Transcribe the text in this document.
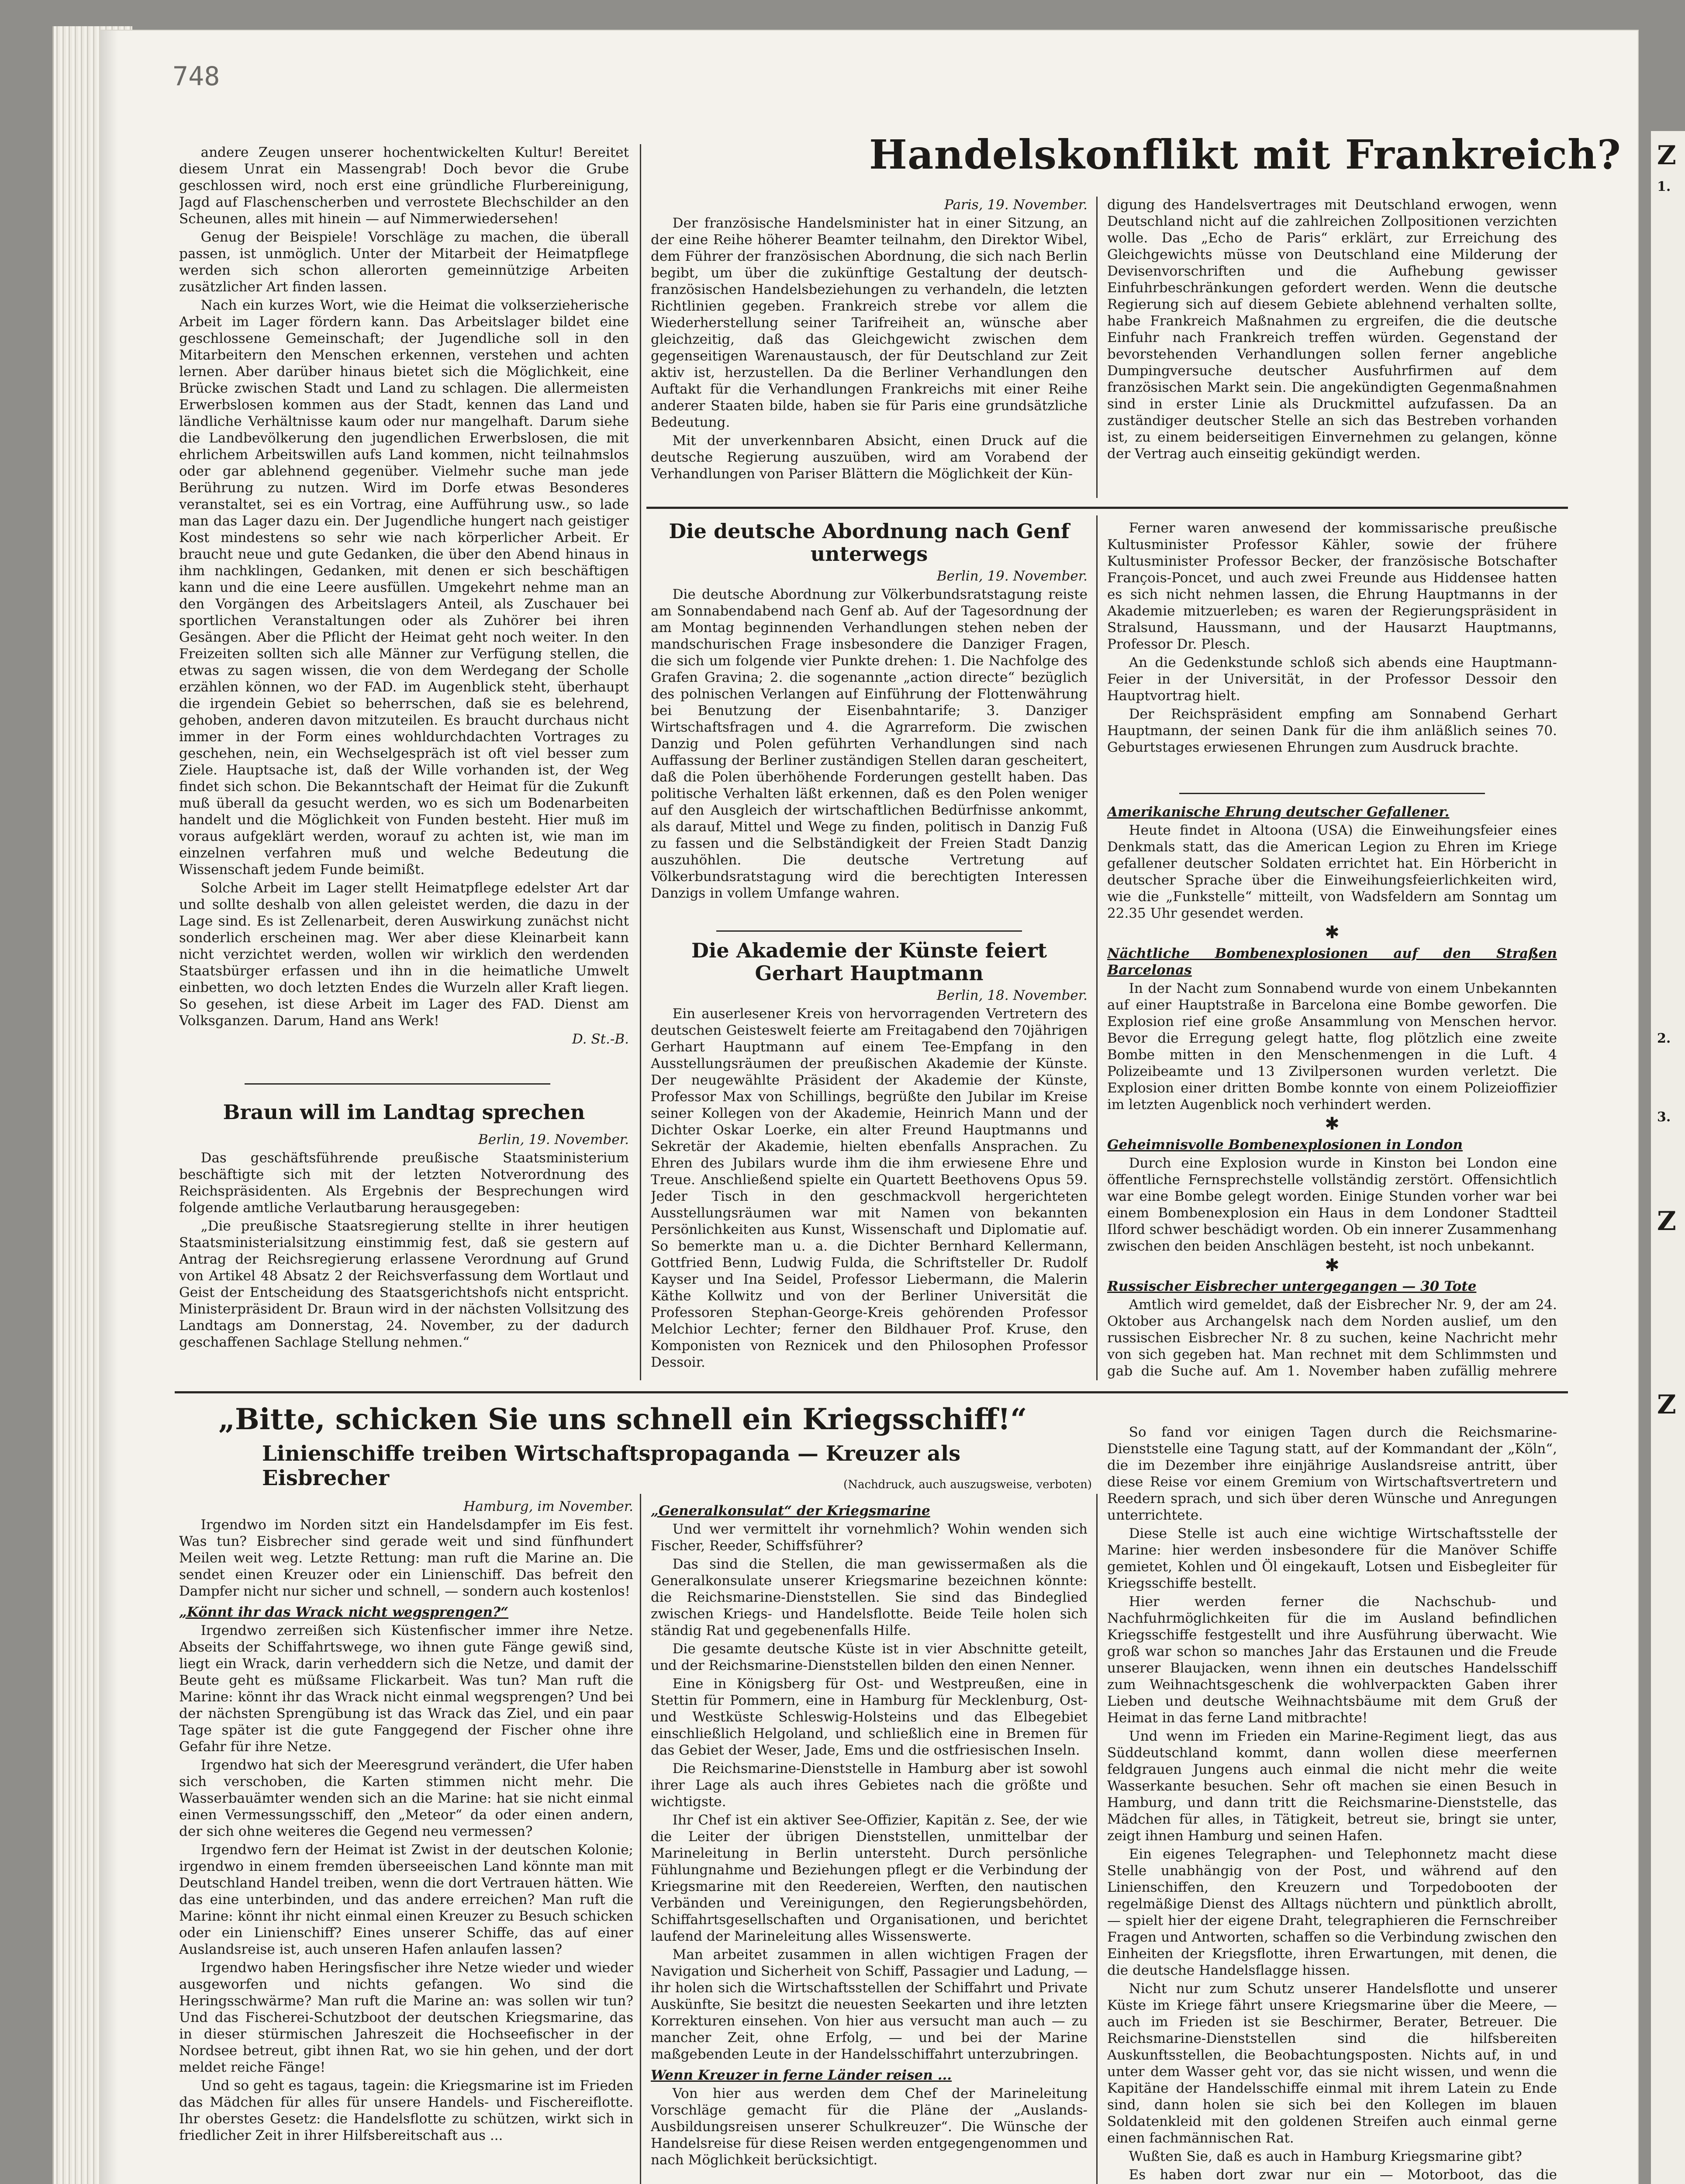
748

andere Zeugen unserer hochentwickelten Kultur! Bereitet diesem Unrat ein Massengrab! Doch bevor die Grube geschlossen wird, noch erst eine gründliche Flurbereinigung, Jagd auf Flaschenscherben und verrostete Blechschilder an den Scheunen, alles mit hinein — auf Nimmerwiedersehen!

Genug der Beispiele! Vorschläge zu machen, die überall passen, ist unmöglich. Unter der Mitarbeit der Heimatpflege werden sich schon allerorten gemeinnützige Arbeiten zusätzlicher Art finden lassen.

Nach ein kurzes Wort, wie die Heimat die volkserzieherische Arbeit im Lager fördern kann. Das Arbeitslager bildet eine geschlossene Gemeinschaft; der Jugendliche soll in den Mitarbeitern den Menschen erkennen, verstehen und achten lernen. Aber darüber hinaus bietet sich die Möglichkeit, eine Brücke zwischen Stadt und Land zu schlagen. Die allermeisten Erwerbslosen kommen aus der Stadt, kennen das Land und ländliche Verhältnisse kaum oder nur mangelhaft. Darum siehe die Landbevölkerung den jugendlichen Erwerbslosen, die mit ehrlichem Arbeitswillen aufs Land kommen, nicht teilnahmslos oder gar ablehnend gegenüber. Vielmehr suche man jede Berührung zu nutzen. Wird im Dorfe etwas Besonderes veranstaltet, sei es ein Vortrag, eine Aufführung usw., so lade man das Lager dazu ein. Der Jugendliche hungert nach geistiger Kost mindestens so sehr wie nach körperlicher Arbeit. Er braucht neue und gute Gedanken, die über den Abend hinaus in ihm nachklingen, Gedanken, mit denen er sich beschäftigen kann und die eine Leere ausfüllen. Umgekehrt nehme man an den Vorgängen des Arbeitslagers Anteil, als Zuschauer bei sportlichen Veranstaltungen oder als Zuhörer bei ihren Gesängen. Aber die Pflicht der Heimat geht noch weiter. In den Freizeiten sollten sich alle Männer zur Verfügung stellen, die etwas zu sagen wissen, die von dem Werdegang der Scholle erzählen können, wo der FAD. im Augenblick steht, überhaupt die irgendein Gebiet so beherrschen, daß sie es belehrend, gehoben, anderen davon mitzuteilen. Es braucht durchaus nicht immer in der Form eines wohldurchdachten Vortrages zu geschehen, nein, ein Wechselgespräch ist oft viel besser zum Ziele. Hauptsache ist, daß der Wille vorhanden ist, der Weg findet sich schon. Die Bekanntschaft der Heimat für die Zukunft muß überall da gesucht werden, wo es sich um Bodenarbeiten handelt und die Möglichkeit von Funden besteht. Hier muß im voraus aufgeklärt werden, worauf zu achten ist, wie man im einzelnen verfahren muß und welche Bedeutung die Wissenschaft jedem Funde beimißt.

Solche Arbeit im Lager stellt Heimatpflege edelster Art dar und sollte deshalb von allen geleistet werden, die dazu in der Lage sind. Es ist Zellenarbeit, deren Auswirkung zunächst nicht sonderlich erscheinen mag. Wer aber diese Kleinarbeit kann nicht verzichtet werden, wollen wir wirklich den werdenden Staatsbürger erfassen und ihn in die heimatliche Umwelt einbetten, wo doch letzten Endes die Wurzeln aller Kraft liegen. So gesehen, ist diese Arbeit im Lager des FAD. Dienst am Volksganzen. Darum, Hand ans Werk!

D. St.-B.
Braun will im Landtag sprechen

Berlin, 19. November.

Das geschäftsführende preußische Staatsministerium beschäftigte sich mit der letzten Notverordnung des Reichspräsidenten. Als Ergebnis der Besprechungen wird folgende amtliche Verlautbarung herausgegeben:

„Die preußische Staatsregierung stellte in ihrer heutigen Staatsministerialsitzung einstimmig fest, daß sie gestern auf Antrag der Reichsregierung erlassene Verordnung auf Grund von Artikel 48 Absatz 2 der Reichsverfassung dem Wortlaut und Geist der Entscheidung des Staatsgerichtshofs nicht entspricht. Ministerpräsident Dr. Braun wird in der nächsten Vollsitzung des Landtags am Donnerstag, 24. November, zu der dadurch geschaffenen Sachlage Stellung nehmen.“

Handelskonflikt mit Frankreich?

Paris, 19. November.

Der französische Handelsminister hat in einer Sitzung, an der eine Reihe höherer Beamter teilnahm, den Direktor Wibel, dem Führer der französischen Abordnung, die sich nach Berlin begibt, um über die zukünftige Gestaltung der deutsch-französischen Handelsbeziehungen zu verhandeln, die letzten Richtlinien gegeben. Frankreich strebe vor allem die Wiederherstellung seiner Tarifreiheit an, wünsche aber gleichzeitig, daß das Gleichgewicht zwischen dem gegenseitigen Warenaustausch, der für Deutschland zur Zeit aktiv ist, herzustellen. Da die Berliner Verhandlungen den Auftakt für die Verhandlungen Frankreichs mit einer Reihe anderer Staaten bilde, haben sie für Paris eine grundsätzliche Bedeutung.

Mit der unverkennbaren Absicht, einen Druck auf die deutsche Regierung auszuüben, wird am Vorabend der Verhandlungen von Pariser Blättern die Möglichkeit der Kün-

digung des Handelsvertrages mit Deutschland erwogen, wenn Deutschland nicht auf die zahlreichen Zollpositionen verzichten wolle. Das „Echo de Paris“ erklärt, zur Erreichung des Gleichgewichts müsse von Deutschland eine Milderung der Devisenvorschriften und die Aufhebung gewisser Einfuhrbeschränkungen gefordert werden. Wenn die deutsche Regierung sich auf diesem Gebiete ablehnend verhalten sollte, habe Frankreich Maßnahmen zu ergreifen, die die deutsche Einfuhr nach Frankreich treffen würden. Gegenstand der bevorstehenden Verhandlungen sollen ferner angebliche Dumpingversuche deutscher Ausfuhrfirmen auf dem französischen Markt sein. Die angekündigten Gegenmaßnahmen sind in erster Linie als Druckmittel aufzufassen. Da an zuständiger deutscher Stelle an sich das Bestreben vorhanden ist, zu einem beiderseitigen Einvernehmen zu gelangen, könne der Vertrag auch einseitig gekündigt werden.

Die deutsche Abordnung nach Genf unterwegs

Berlin, 19. November.

Die deutsche Abordnung zur Völkerbundsratstagung reiste am Sonnabendabend nach Genf ab. Auf der Tagesordnung der am Montag beginnenden Verhandlungen stehen neben der mandschurischen Frage insbesondere die Danziger Fragen, die sich um folgende vier Punkte drehen: 1. Die Nachfolge des Grafen Gravina; 2. die sogenannte „action directe“ bezüglich des polnischen Verlangen auf Einführung der Flottenwährung bei Benutzung der Eisenbahntarife; 3. Danziger Wirtschaftsfragen und 4. die Agrarreform. Die zwischen Danzig und Polen geführten Verhandlungen sind nach Auffassung der Berliner zuständigen Stellen daran gescheitert, daß die Polen überhöhende Forderungen gestellt haben. Das politische Verhalten läßt erkennen, daß es den Polen weniger auf den Ausgleich der wirtschaftlichen Bedürfnisse ankommt, als darauf, Mittel und Wege zu finden, politisch in Danzig Fuß zu fassen und die Selbständigkeit der Freien Stadt Danzig auszuhöhlen. Die deutsche Vertretung auf Völkerbundsratstagung wird die berechtigten Interessen Danzigs in vollem Umfange wahren.

Die Akademie der Künste feiert Gerhart Hauptmann

Berlin, 18. November.

Ein auserlesener Kreis von hervorragenden Vertretern des deutschen Geisteswelt feierte am Freitagabend den 70jährigen Gerhart Hauptmann auf einem Tee-Empfang in den Ausstellungsräumen der preußischen Akademie der Künste. Der neugewählte Präsident der Akademie der Künste, Professor Max von Schillings, begrüßte den Jubilar im Kreise seiner Kollegen von der Akademie, Heinrich Mann und der Dichter Oskar Loerke, ein alter Freund Hauptmanns und Sekretär der Akademie, hielten ebenfalls Ansprachen. Zu Ehren des Jubilars wurde ihm die ihm erwiesene Ehre und Treue. Anschließend spielte ein Quartett Beethovens Opus 59. Jeder Tisch in den geschmackvoll hergerichteten Ausstellungsräumen war mit Namen von bekannten Persönlichkeiten aus Kunst, Wissenschaft und Diplomatie auf. So bemerkte man u. a. die Dichter Bernhard Kellermann, Gottfried Benn, Ludwig Fulda, die Schriftsteller Dr. Rudolf Kayser und Ina Seidel, Professor Liebermann, die Malerin Käthe Kollwitz und von der Berliner Universität die Professoren Stephan-George-Kreis gehörenden Professor Melchior Lechter; ferner den Bildhauer Prof. Kruse, den Komponisten von Reznicek und den Philosophen Professor Dessoir.

Ferner waren anwesend der kommissarische preußische Kultusminister Professor Kähler, sowie der frühere Kultusminister Professor Becker, der französische Botschafter François-Poncet, und auch zwei Freunde aus Hiddensee hatten es sich nicht nehmen lassen, die Ehrung Hauptmanns in der Akademie mitzuerleben; es waren der Regierungspräsident in Stralsund, Haussmann, und der Hausarzt Hauptmanns, Professor Dr. Plesch.

An die Gedenkstunde schloß sich abends eine Hauptmann-Feier in der Universität, in der Professor Dessoir den Hauptvortrag hielt.

Der Reichspräsident empfing am Sonnabend Gerhart Hauptmann, der seinen Dank für die ihm anläßlich seines 70. Geburtstages erwiesenen Ehrungen zum Ausdruck brachte.

Amerikanische Ehrung deutscher Gefallener.

Heute findet in Altoona (USA) die Einweihungsfeier eines Denkmals statt, das die American Legion zu Ehren im Kriege gefallener deutscher Soldaten errichtet hat. Ein Hörbericht in deutscher Sprache über die Einweihungsfeierlichkeiten wird, wie die „Funkstelle“ mitteilt, von Wadsfeldern am Sonntag um 22.35 Uhr gesendet werden.

✱

Nächtliche Bombenexplosionen auf den Straßen Barcelonas

In der Nacht zum Sonnabend wurde von einem Unbekannten auf einer Hauptstraße in Barcelona eine Bombe geworfen. Die Explosion rief eine große Ansammlung von Menschen hervor. Bevor die Erregung gelegt hatte, flog plötzlich eine zweite Bombe mitten in den Menschenmengen in die Luft. 4 Polizeibeamte und 13 Zivilpersonen wurden verletzt. Die Explosion einer dritten Bombe konnte von einem Polizeioffizier im letzten Augenblick noch verhindert werden.

✱

Geheimnisvolle Bombenexplosionen in London

Durch eine Explosion wurde in Kinston bei London eine öffentliche Fernsprechstelle vollständig zerstört. Offensichtlich war eine Bombe gelegt worden. Einige Stunden vorher war bei einem Bombenexplosion ein Haus in dem Londoner Stadtteil Ilford schwer beschädigt worden. Ob ein innerer Zusammenhang zwischen den beiden Anschlägen besteht, ist noch unbekannt.

✱

Russischer Eisbrecher untergegangen — 30 Tote

Amtlich wird gemeldet, daß der Eisbrecher Nr. 9, der am 24. Oktober aus Archangelsk nach dem Norden auslief, um den russischen Eisbrecher Nr. 8 zu suchen, keine Nachricht mehr von sich gegeben hat. Man rechnet mit dem Schlimmsten und gab die Suche auf. Am 1. November haben zufällig mehrere

„Bitte, schicken Sie uns schnell ein Kriegsschiff!“
Linienschiffe treiben Wirtschaftspropaganda — Kreuzer als Eisbrecher	(Nachdruck, auch auszugsweise, verboten)

Hamburg, im November.

Irgendwo im Norden sitzt ein Handelsdampfer im Eis fest. Was tun? Eisbrecher sind gerade weit und sind fünfhundert Meilen weit weg. Letzte Rettung: man ruft die Marine an. Die sendet einen Kreuzer oder ein Linienschiff. Das befreit den Dampfer nicht nur sicher und schnell, — sondern auch kostenlos!

„Könnt ihr das Wrack nicht wegsprengen?“

Irgendwo zerreißen sich Küstenfischer immer ihre Netze. Abseits der Schiffahrtswege, wo ihnen gute Fänge gewiß sind, liegt ein Wrack, darin verheddern sich die Netze, und damit der Beute geht es müßsame Flickarbeit. Was tun? Man ruft die Marine: könnt ihr das Wrack nicht einmal wegsprengen? Und bei der nächsten Sprengübung ist das Wrack das Ziel, und ein paar Tage später ist die gute Fanggegend der Fischer ohne ihre Gefahr für ihre Netze.

Irgendwo hat sich der Meeresgrund verändert, die Ufer haben sich verschoben, die Karten stimmen nicht mehr. Die Wasserbauämter wenden sich an die Marine: hat sie nicht einmal einen Vermessungsschiff, den „Meteor“ da oder einen andern, der sich ohne weiteres die Gegend neu vermessen?

Irgendwo fern der Heimat ist Zwist in der deutschen Kolonie; irgendwo in einem fremden überseeischen Land könnte man mit Deutschland Handel treiben, wenn die dort Vertrauen hätten. Wie das eine unterbinden, und das andere erreichen? Man ruft die Marine: könnt ihr nicht einmal einen Kreuzer zu Besuch schicken oder ein Linienschiff? Eines unserer Schiffe, das auf einer Auslandsreise ist, auch unseren Hafen anlaufen lassen?

Irgendwo haben Heringsfischer ihre Netze wieder und wieder ausgeworfen und nichts gefangen. Wo sind die Heringsschwärme? Man ruft die Marine an: was sollen wir tun? Und das Fischerei-Schutzboot der deutschen Kriegsmarine, das in dieser stürmischen Jahreszeit die Hochseefischer in der Nordsee betreut, gibt ihnen Rat, wo sie hin gehen, und der dort meldet reiche Fänge!

Und so geht es tagaus, tagein: die Kriegsmarine ist im Frieden das Mädchen für alles für unsere Handels- und Fischereiflotte. Ihr oberstes Gesetz: die Handelsflotte zu schützen, wirkt sich in friedlicher Zeit in ihrer Hilfsbereitschaft aus ...

„Generalkonsulat“ der Kriegsmarine

Und wer vermittelt ihr vornehmlich? Wohin wenden sich Fischer, Reeder, Schiffsführer?

Das sind die Stellen, die man gewissermaßen als die Generalkonsulate unserer Kriegsmarine bezeichnen könnte: die Reichsmarine-Dienststellen. Sie sind das Bindeglied zwischen Kriegs- und Handelsflotte. Beide Teile holen sich ständig Rat und gegebenenfalls Hilfe.

Die gesamte deutsche Küste ist in vier Abschnitte geteilt, und der Reichsmarine-Dienststellen bilden den einen Nenner.

Eine in Königsberg für Ost- und Westpreußen, eine in Stettin für Pommern, eine in Hamburg für Mecklenburg, Ost- und Westküste Schleswig-Holsteins und das Elbegebiet einschließlich Helgoland, und schließlich eine in Bremen für das Gebiet der Weser, Jade, Ems und die ostfriesischen Inseln.

Die Reichsmarine-Dienststelle in Hamburg aber ist sowohl ihrer Lage als auch ihres Gebietes nach die größte und wichtigste.

Ihr Chef ist ein aktiver See-Offizier, Kapitän z. See, der wie die Leiter der übrigen Dienststellen, unmittelbar der Marineleitung in Berlin untersteht. Durch persönliche Fühlungnahme und Beziehungen pflegt er die Verbindung der Kriegsmarine mit den Reedereien, Werften, den nautischen Verbänden und Vereinigungen, den Regierungsbehörden, Schiffahrtsgesellschaften und Organisationen, und berichtet laufend der Marineleitung alles Wissenswerte.

Man arbeitet zusammen in allen wichtigen Fragen der Navigation und Sicherheit von Schiff, Passagier und Ladung, — ihr holen sich die Wirtschaftsstellen der Schiffahrt und Private Auskünfte, Sie besitzt die neuesten Seekarten und ihre letzten Korrekturen einsehen. Von hier aus versucht man auch — zu mancher Zeit, ohne Erfolg, — und bei der Marine maßgebenden Leute in der Handelsschiffahrt unterzubringen.

Wenn Kreuzer in ferne Länder reisen ...

Von hier aus werden dem Chef der Marineleitung Vorschläge gemacht für die Pläne der „Auslands-Ausbildungsreisen unserer Schulkreuzer“. Die Wünsche der Handelsreise für diese Reisen werden entgegengenommen und nach Möglichkeit berücksichtigt.

So fand vor einigen Tagen durch die Reichsmarine-Dienststelle eine Tagung statt, auf der Kommandant der „Köln“, die im Dezember ihre einjährige Auslandsreise antritt, über diese Reise vor einem Gremium von Wirtschaftsvertretern und Reedern sprach, und sich über deren Wünsche und Anregungen unterrichtete.

Diese Stelle ist auch eine wichtige Wirtschaftsstelle der Marine: hier werden insbesondere für die Manöver Schiffe gemietet, Kohlen und Öl eingekauft, Lotsen und Eisbegleiter für Kriegsschiffe bestellt.

Hier werden ferner die Nachschub- und Nachfuhrmöglichkeiten für die im Ausland befindlichen Kriegsschiffe festgestellt und ihre Ausführung überwacht. Wie groß war schon so manches Jahr das Erstaunen und die Freude unserer Blaujacken, wenn ihnen ein deutsches Handelsschiff zum Weihnachtsgeschenk die wohlverpackten Gaben ihrer Lieben und deutsche Weihnachtsbäume mit dem Gruß der Heimat in das ferne Land mitbrachte!

Und wenn im Frieden ein Marine-Regiment liegt, das aus Süddeutschland kommt, dann wollen diese meerfernen feldgrauen Jungens auch einmal die nicht mehr die weite Wasserkante besuchen. Sehr oft machen sie einen Besuch in Hamburg, und dann tritt die Reichsmarine-Dienststelle, das Mädchen für alles, in Tätigkeit, betreut sie, bringt sie unter, zeigt ihnen Hamburg und seinen Hafen.

Ein eigenes Telegraphen- und Telephonnetz macht diese Stelle unabhängig von der Post, und während auf den Linienschiffen, den Kreuzern und Torpedobooten der regelmäßige Dienst des Alltags nüchtern und pünktlich abrollt, — spielt hier der eigene Draht, telegraphieren die Fernschreiber Fragen und Antworten, schaffen so die Verbindung zwischen den Einheiten der Kriegsflotte, ihren Erwartungen, mit denen, die die deutsche Handelsflagge hissen.

Nicht nur zum Schutz unserer Handelsflotte und unserer Küste im Kriege fährt unsere Kriegsmarine über die Meere, — auch im Frieden ist sie Beschirmer, Berater, Betreuer. Die Reichsmarine-Dienststellen sind die hilfsbereiten Auskunftsstellen, die Beobachtungsposten. Nichts auf, in und unter dem Wasser geht vor, das sie nicht wissen, und wenn die Kapitäne der Handelsschiffe einmal mit ihrem Latein zu Ende sind, dann holen sie sich bei den Kollegen im blauen Soldatenkleid mit den goldenen Streifen auch einmal gerne einen fachmännischen Rat.

Wußten Sie, daß es auch in Hamburg Kriegsmarine gibt?

Es haben dort zwar nur ein — Motorboot, das die

Z
1.
2.
3.
Z
Z
